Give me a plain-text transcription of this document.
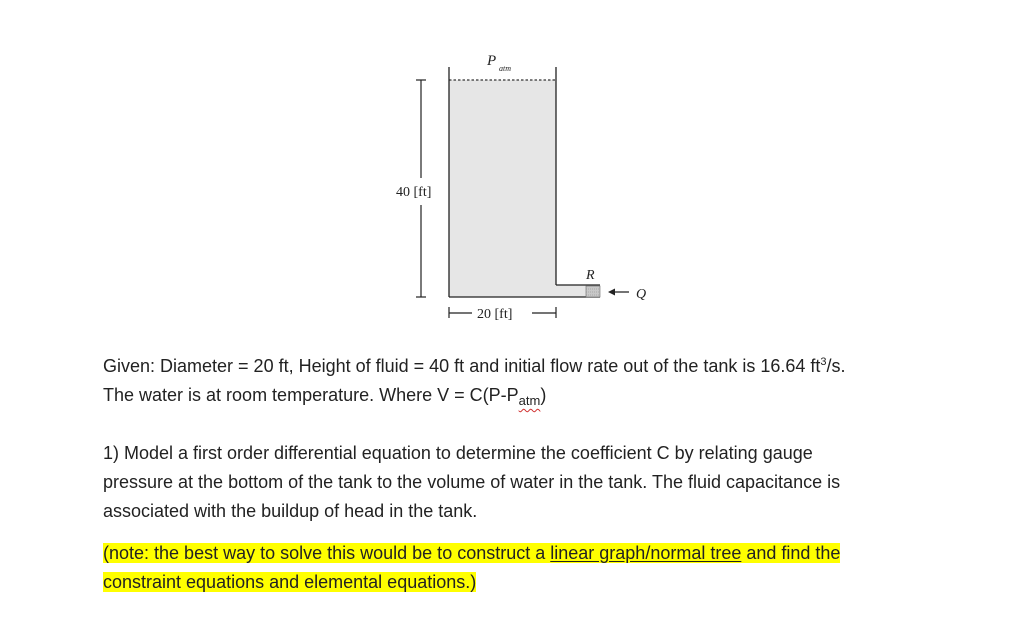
P atm
40 [ft]
20 [ft]
R
Q
Given: Diameter = 20 ft, Height of fluid = 40 ft and initial flow rate out of the tank is 16.64 $ft^3/s$.
The water is at room temperature. Where $V = C(P-P_{atm})$
1) Model a first order differential equation to determine the coefficient C by relating gauge
pressure at the bottom of the tank to the volume of water in the tank. The fluid capacitance is
associated with the buildup of head in the tank.
(note: the best way to solve this would be to construct a linear graph/normal tree and find the
constraint equations and elemental equations.)
